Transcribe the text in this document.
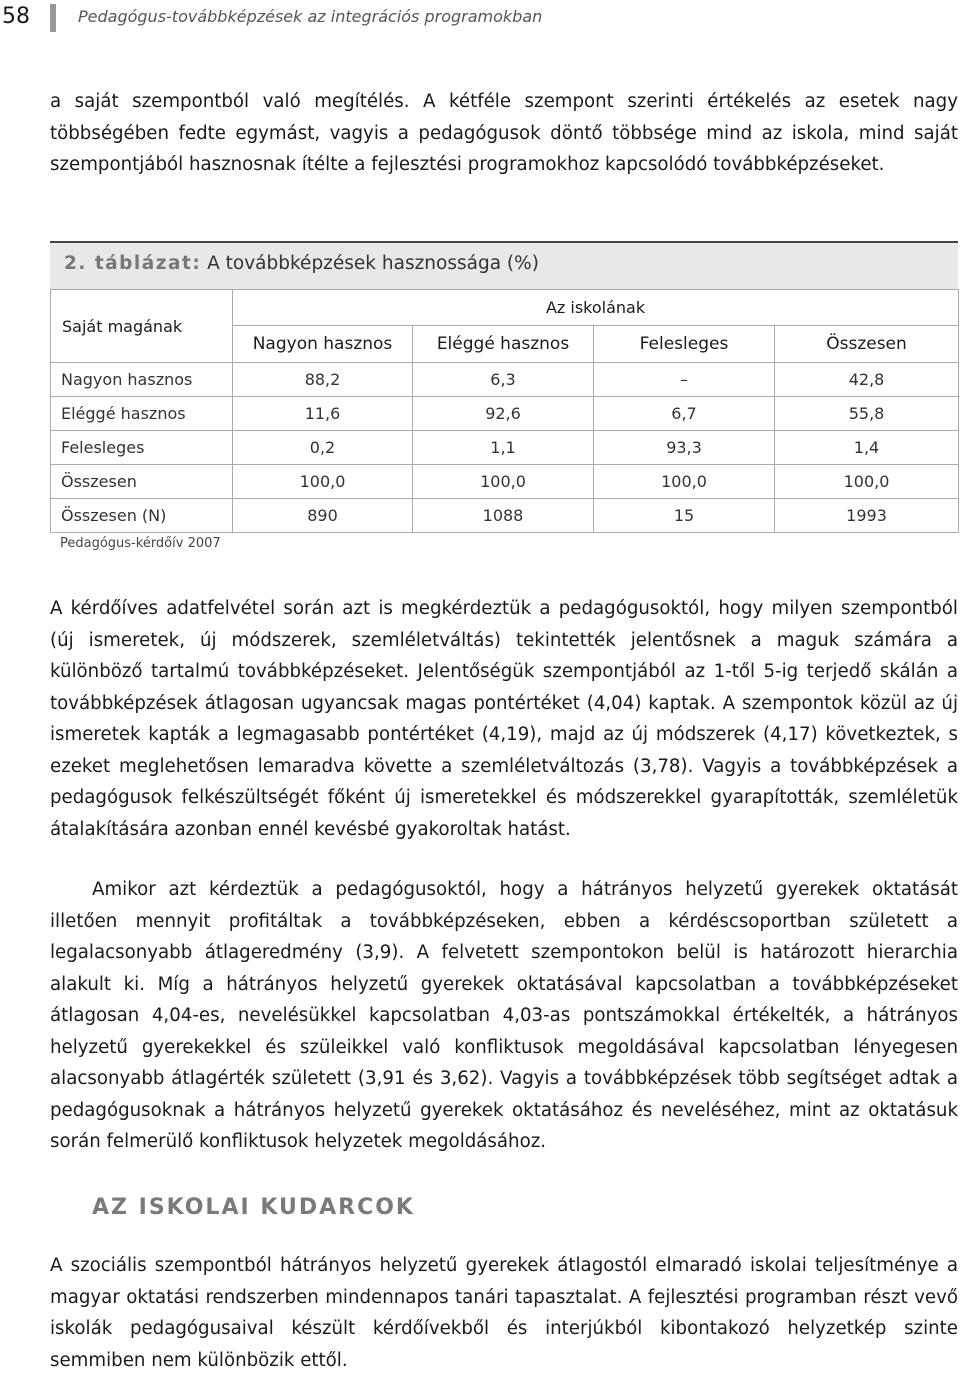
58	Pedagógus-továbbképzések az integrációs programokban

a saját szempontból való megítélés. A kétféle szempont szerinti értékelés az esetek nagy többségében fedte egymást, vagyis a pedagógusok döntő többsége mind az iskola, mind saját szempontjából hasznosnak ítélte a fejlesztési programokhoz kapcsolódó továbbképzéseket.

2. táblázat: A továbbképzések hasznossága (%)
Saját magának	Az iskolának			
	Nagyon hasznos	Eléggé hasznos	Felesleges	Összesen
Nagyon hasznos	88,2	6,3	–	42,8
Eléggé hasznos	11,6	92,6	6,7	55,8
Felesleges	0,2	1,1	93,3	1,4
Összesen	100,0	100,0	100,0	100,0
Összesen (N)	890	1088	15	1993
Pedagógus-kérdőív 2007

A kérdőíves adatfelvétel során azt is megkérdeztük a pedagógusoktól, hogy milyen szempontból (új ismeretek, új módszerek, szemléletváltás) tekintették jelentősnek a maguk számára a különböző tartalmú továbbképzéseket. Jelentőségük szempontjából az 1-től 5-ig terjedő skálán a továbbképzések átlagosan ugyancsak magas pontértéket (4,04) kaptak. A szempontok közül az új ismeretek kapták a legmagasabb pontértéket (4,19), majd az új módszerek (4,17) következtek, s ezeket meglehetősen lemaradva követte a szemléletváltozás (3,78). Vagyis a továbbképzések a pedagógusok felkészültségét főként új ismeretekkel és módszerekkel gyarapították, szemléletük átalakítására azonban ennél kevésbé gyakoroltak hatást.

Amikor azt kérdeztük a pedagógusoktól, hogy a hátrányos helyzetű gyerekek oktatását illetően mennyit profitáltak a továbbképzéseken, ebben a kérdéscsoportban született a legalacsonyabb átlageredmény (3,9). A felvetett szempontokon belül is határozott hierarchia alakult ki. Míg a hátrányos helyzetű gyerekek oktatásával kapcsolatban a továbbképzéseket átlagosan 4,04-es, nevelésükkel kapcsolatban 4,03-as pontszámokkal értékelték, a hátrányos helyzetű gyerekekkel és szüleikkel való konfliktusok megoldásával kapcsolatban lényegesen alacsonyabb átlagérték született (3,91 és 3,62). Vagyis a továbbképzések több segítséget adtak a pedagógusoknak a hátrányos helyzetű gyerekek oktatásához és neveléséhez, mint az oktatásuk során felmerülő konfliktusok helyzetek megoldásához.

AZ ISKOLAI KUDARCOK

A szociális szempontból hátrányos helyzetű gyerekek átlagostól elmaradó iskolai teljesítménye a magyar oktatási rendszerben mindennapos tanári tapasztalat. A fejlesztési programban részt vevő iskolák pedagógusaival készült kérdőívekből és interjúkból kibontakozó helyzetkép szinte semmiben nem különbözik ettől.
